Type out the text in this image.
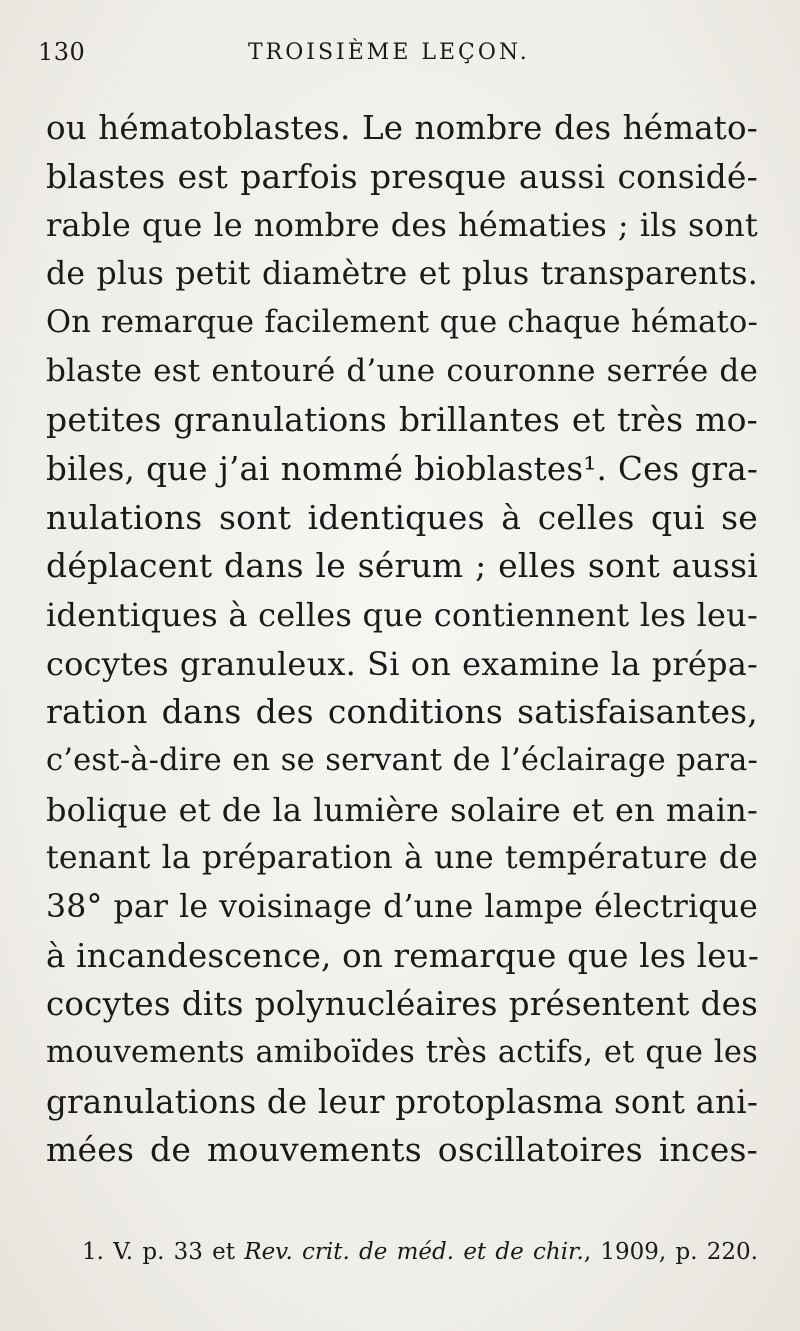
130	TROISIÈME LEÇON.
ou hématoblastes. Le nombre des hémato-
blastes est parfois presque aussi considé-
rable que le nombre des hématies ; ils sont
de plus petit diamètre et plus transparents.
On remarque facilement que chaque hémato-
blaste est entouré d’une couronne serrée de
petites granulations brillantes et très mo-
biles, que j’ai nommé bioblastes¹. Ces gra-
nulations sont identiques à celles qui se
déplacent dans le sérum ; elles sont aussi
identiques à celles que contiennent les leu-
cocytes granuleux. Si on examine la prépa-
ration dans des conditions satisfaisantes,
c’est-à-dire en se servant de l’éclairage para-
bolique et de la lumière solaire et en main-
tenant la préparation à une température de
38° par le voisinage d’une lampe électrique
à incandescence, on remarque que les leu-
cocytes dits polynucléaires présentent des
mouvements amiboïdes très actifs, et que les
granulations de leur protoplasma sont ani-
mées de mouvements oscillatoires inces-
1. V. p. 33 et Rev. crit. de méd. et de chir., 1909, p. 220.
